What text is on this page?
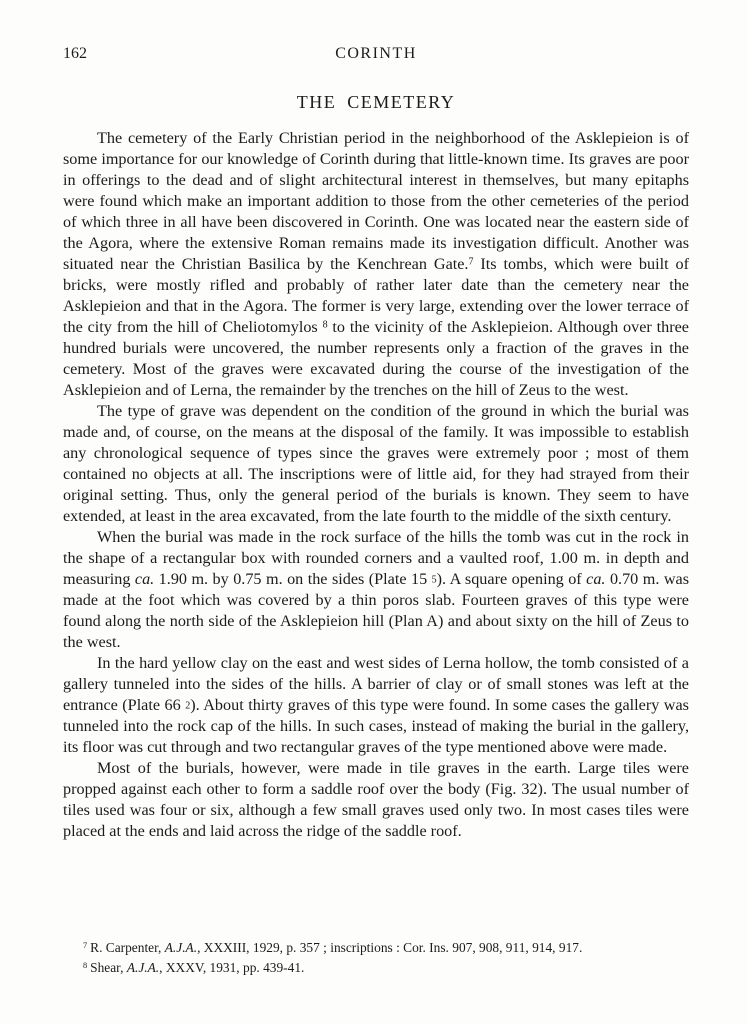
162	CORINTH
THE CEMETERY

The cemetery of the Early Christian period in the neighborhood of the Asklepieion is of some importance for our knowledge of Corinth during that little-known time. Its graves are poor in offerings to the dead and of slight architectural interest in themselves, but many epitaphs were found which make an important addition to those from the other cemeteries of the period of which three in all have been discovered in Corinth. One was located near the eastern side of the Agora, where the extensive Roman remains made its investigation difficult. Another was situated near the Christian Basilica by the Kenchrean Gate.$^7$ Its tombs, which were built of bricks, were mostly rifled and probably of rather later date than the cemetery near the Asklepieion and that in the Agora. The former is very large, extending over the lower terrace of the city from the hill of Cheliotomylos $^8$ to the vicinity of the Asklepieion. Although over three hundred burials were uncovered, the number represents only a fraction of the graves in the cemetery. Most of the graves were excavated during the course of the investigation of the Asklepieion and of Lerna, the remainder by the trenches on the hill of Zeus to the west.

The type of grave was dependent on the condition of the ground in which the burial was made and, of course, on the means at the disposal of the family. It was impossible to establish any chronological sequence of types since the graves were extremely poor ; most of them contained no objects at all. The inscriptions were of little aid, for they had strayed from their original setting. Thus, only the general period of the burials is known. They seem to have extended, at least in the area excavated, from the late fourth to the middle of the sixth century.

When the burial was made in the rock surface of the hills the tomb was cut in the rock in the shape of a rectangular box with rounded corners and a vaulted roof, 1.00 m. in depth and measuring ca. 1.90 m. by 0.75 m. on the sides (Plate 15 5). A square opening of ca. 0.70 m. was made at the foot which was covered by a thin poros slab. Fourteen graves of this type were found along the north side of the Asklepieion hill (Plan A) and about sixty on the hill of Zeus to the west.

In the hard yellow clay on the east and west sides of Lerna hollow, the tomb consisted of a gallery tunneled into the sides of the hills. A barrier of clay or of small stones was left at the entrance (Plate 66 2). About thirty graves of this type were found. In some cases the gallery was tunneled into the rock cap of the hills. In such cases, instead of making the burial in the gallery, its floor was cut through and two rectangular graves of the type mentioned above were made.

Most of the burials, however, were made in tile graves in the earth. Large tiles were propped against each other to form a saddle roof over the body (Fig. 32). The usual number of tiles used was four or six, although a few small graves used only two. In most cases tiles were placed at the ends and laid across the ridge of the saddle roof.

$^7$ R. Carpenter, A.J.A., XXXIII, 1929, p. 357 ; inscriptions : Cor. Ins. 907, 908, 911, 914, 917.

$^8$ Shear, A.J.A., XXXV, 1931, pp. 439-41.
